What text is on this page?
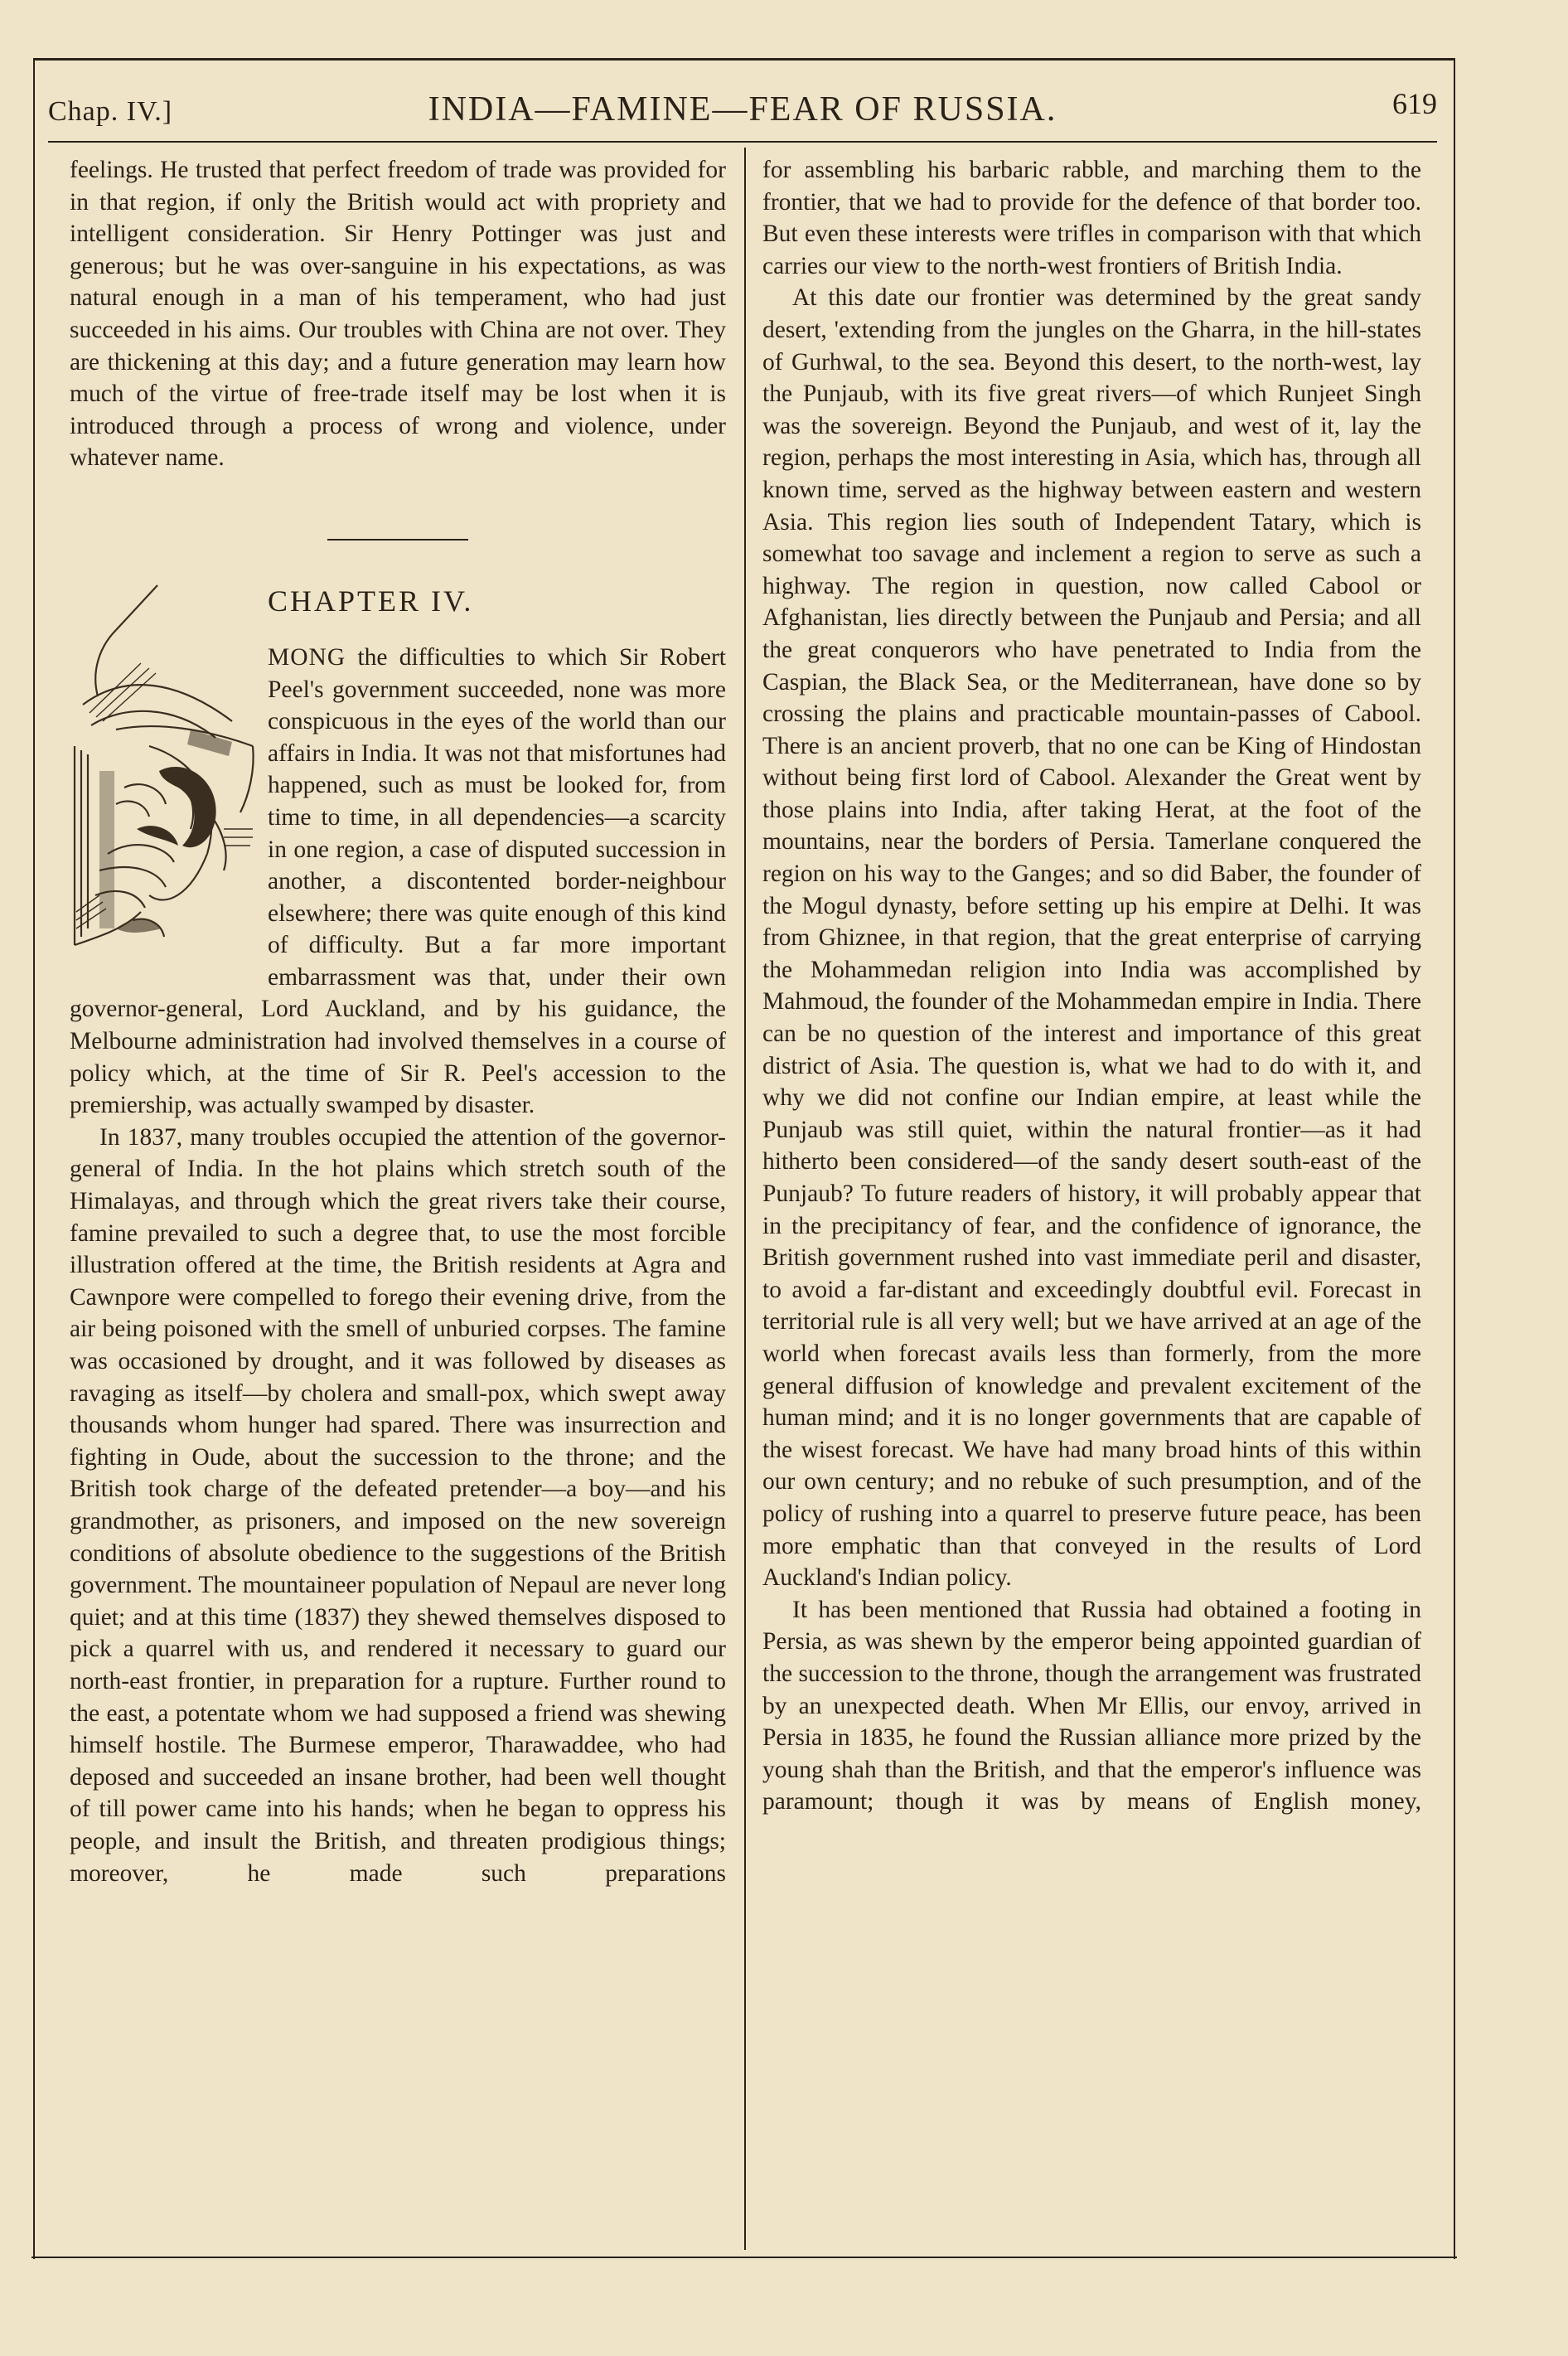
Chap. IV.]	INDIA—FAMINE—FEAR OF RUSSIA.	619

feelings. He trusted that perfect freedom of trade was provided for in that region, if only the British would act with propriety and intelligent consideration. Sir Henry Pottinger was just and generous; but he was over-sanguine in his expectations, as was natural enough in a man of his temperament, who had just succeeded in his aims. Our troubles with China are not over. They are thickening at this day; and a future generation may learn how much of the virtue of free-trade itself may be lost when it is introduced through a process of wrong and violence, under whatever name.

CHAPTER IV.

MONG the difficulties to which Sir Robert Peel's government succeeded, none was more conspicuous in the eyes of the world than our affairs in India. It was not that misfortunes had happened, such as must be looked for, from time to time, in all dependencies—a scarcity in one region, a case of disputed succession in another, a discontented border-neighbour elsewhere; there was quite enough of this kind of difficulty. But a far more important embarrassment was that, under their own governor-general, Lord Auckland, and by his guidance, the Melbourne administration had involved themselves in a course of policy which, at the time of Sir R. Peel's accession to the premiership, was actually swamped by disaster.

In 1837, many troubles occupied the attention of the governor-general of India. In the hot plains which stretch south of the Himalayas, and through which the great rivers take their course, famine prevailed to such a degree that, to use the most forcible illustration offered at the time, the British residents at Agra and Cawnpore were compelled to forego their evening drive, from the air being poisoned with the smell of unburied corpses. The famine was occasioned by drought, and it was followed by diseases as ravaging as itself—by cholera and small-pox, which swept away thousands whom hunger had spared. There was insurrection and fighting in Oude, about the succession to the throne; and the British took charge of the defeated pretender—a boy—and his grandmother, as prisoners, and imposed on the new sovereign conditions of absolute obedience to the suggestions of the British government. The mountaineer population of Nepaul are never long quiet; and at this time (1837) they shewed themselves disposed to pick a quarrel with us, and rendered it necessary to guard our north-east frontier, in preparation for a rupture. Further round to the east, a potentate whom we had supposed a friend was shewing himself hostile. The Burmese emperor, Tharawaddee, who had deposed and succeeded an insane brother, had been well thought of till power came into his hands; when he began to oppress his people, and insult the British, and threaten prodigious things; moreover, he made such preparations

for assembling his barbaric rabble, and marching them to the frontier, that we had to provide for the defence of that border too. But even these interests were trifles in comparison with that which carries our view to the north-west frontiers of British India.

At this date our frontier was determined by the great sandy desert, 'extending from the jungles on the Gharra, in the hill-states of Gurhwal, to the sea. Beyond this desert, to the north-west, lay the Punjaub, with its five great rivers—of which Runjeet Singh was the sovereign. Beyond the Punjaub, and west of it, lay the region, perhaps the most interesting in Asia, which has, through all known time, served as the highway between eastern and western Asia. This region lies south of Independent Tatary, which is somewhat too savage and inclement a region to serve as such a highway. The region in question, now called Cabool or Afghanistan, lies directly between the Punjaub and Persia; and all the great conquerors who have penetrated to India from the Caspian, the Black Sea, or the Mediterranean, have done so by crossing the plains and practicable mountain-passes of Cabool. There is an ancient proverb, that no one can be King of Hindostan without being first lord of Cabool. Alexander the Great went by those plains into India, after taking Herat, at the foot of the mountains, near the borders of Persia. Tamerlane conquered the region on his way to the Ganges; and so did Baber, the founder of the Mogul dynasty, before setting up his empire at Delhi. It was from Ghiznee, in that region, that the great enterprise of carrying the Mohammedan religion into India was accomplished by Mahmoud, the founder of the Mohammedan empire in India. There can be no question of the interest and importance of this great district of Asia. The question is, what we had to do with it, and why we did not confine our Indian empire, at least while the Punjaub was still quiet, within the natural frontier—as it had hitherto been considered—of the sandy desert south-east of the Punjaub? To future readers of history, it will probably appear that in the precipitancy of fear, and the confidence of ignorance, the British government rushed into vast immediate peril and disaster, to avoid a far-distant and exceedingly doubtful evil. Forecast in territorial rule is all very well; but we have arrived at an age of the world when forecast avails less than formerly, from the more general diffusion of knowledge and prevalent excitement of the human mind; and it is no longer governments that are capable of the wisest forecast. We have had many broad hints of this within our own century; and no rebuke of such presumption, and of the policy of rushing into a quarrel to preserve future peace, has been more emphatic than that conveyed in the results of Lord Auckland's Indian policy.

It has been mentioned that Russia had obtained a footing in Persia, as was shewn by the emperor being appointed guardian of the succession to the throne, though the arrangement was frustrated by an unexpected death. When Mr Ellis, our envoy, arrived in Persia in 1835, he found the Russian alliance more prized by the young shah than the British, and that the emperor's influence was paramount; though it was by means of English money,
